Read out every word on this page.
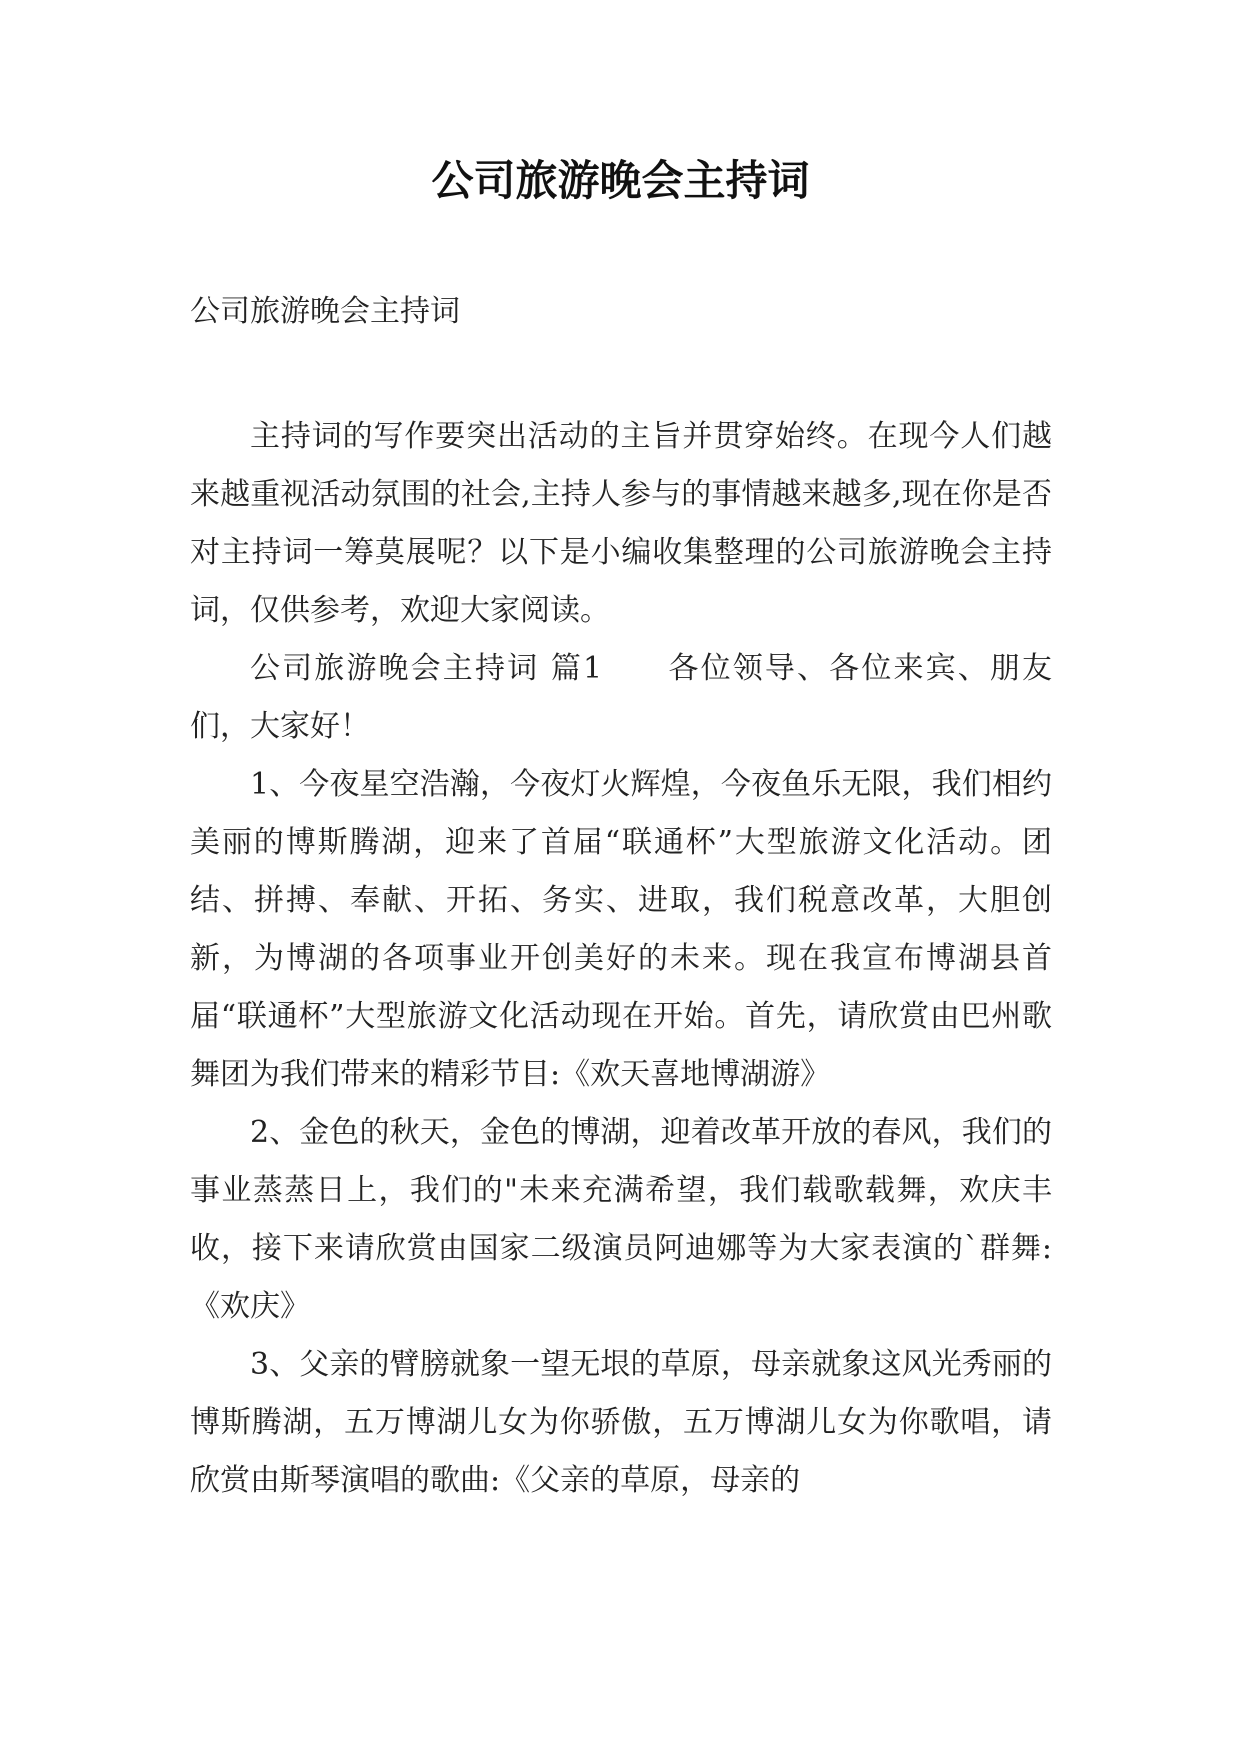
公司旅游晚会主持词
公司旅游晚会主持词

主持词的写作要突出活动的主旨并贯穿始终。在现今人们越来越重视活动氛围的社会,主持人参与的事情越来越多,现在你是否对主持词一筹莫展呢？以下是小编收集整理的公司旅游晚会主持词，仅供参考，欢迎大家阅读。

公司旅游晚会主持词 篇1　　各位领导、各位来宾、朋友们，大家好！

1、今夜星空浩瀚，今夜灯火辉煌，今夜鱼乐无限，我们相约美丽的博斯腾湖，迎来了首届“联通杯”大型旅游文化活动。团结、拼搏、奉献、开拓、务实、进取，我们税意改革，大胆创新，为博湖的各项事业开创美好的未来。现在我宣布博湖县首届“联通杯”大型旅游文化活动现在开始。首先，请欣赏由巴州歌舞团为我们带来的精彩节目:《欢天喜地博湖游》

2、金色的秋天，金色的博湖，迎着改革开放的春风，我们的事业蒸蒸日上，我们的"未来充满希望，我们载歌载舞，欢庆丰收，接下来请欣赏由国家二级演员阿迪娜等为大家表演的`群舞:《欢庆》

3、父亲的臂膀就象一望无垠的草原，母亲就象这风光秀丽的博斯腾湖，五万博湖儿女为你骄傲，五万博湖儿女为你歌唱，请欣赏由斯琴演唱的歌曲:《父亲的草原，母亲的
